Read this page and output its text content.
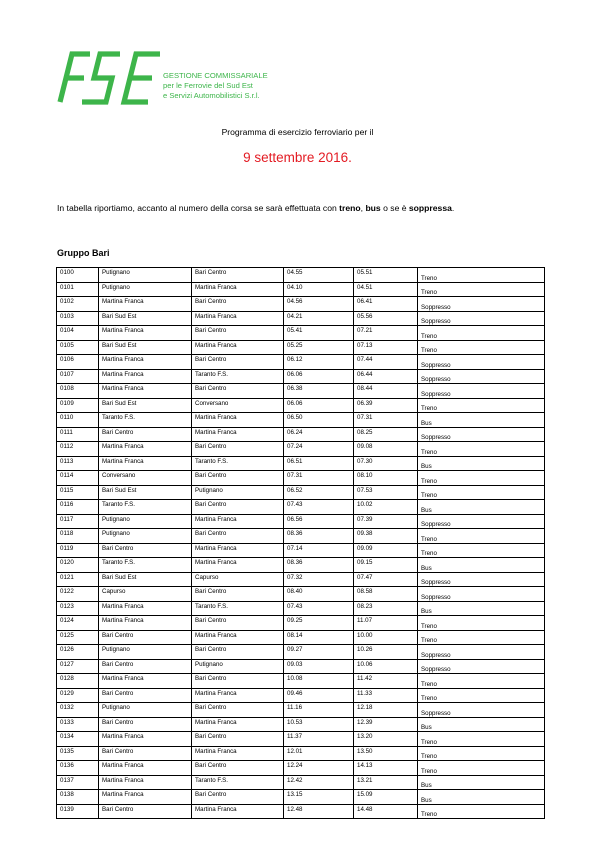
GESTIONE COMMISSARIALE
per le Ferrovie del Sud Est
e Servizi Automobilistici S.r.l.
Programma di esercizio ferroviario per il
9 settembre 2016.
In tabella riportiamo, accanto al numero della corsa se sarà effettuata con treno, bus o se è soppressa.
Gruppo Bari
0100	Putignano	Bari Centro	04.55	05.51	Treno
0101	Putignano	Martina Franca	04.10	04.51	Treno
0102	Martina Franca	Bari Centro	04.56	06.41	Soppresso
0103	Bari Sud Est	Martina Franca	04.21	05.56	Soppresso
0104	Martina Franca	Bari Centro	05.41	07.21	Treno
0105	Bari Sud Est	Martina Franca	05.25	07.13	Treno
0106	Martina Franca	Bari Centro	06.12	07.44	Soppresso
0107	Martina Franca	Taranto F.S.	06.06	06.44	Soppresso
0108	Martina Franca	Bari Centro	06.38	08.44	Soppresso
0109	Bari Sud Est	Conversano	06.06	06.39	Treno
0110	Taranto F.S.	Martina Franca	06.50	07.31	Bus
0111	Bari Centro	Martina Franca	06.24	08.25	Soppresso
0112	Martina Franca	Bari Centro	07.24	09.08	Treno
0113	Martina Franca	Taranto F.S.	06.51	07.30	Bus
0114	Conversano	Bari Centro	07.31	08.10	Treno
0115	Bari Sud Est	Putignano	06.52	07.53	Treno
0116	Taranto F.S.	Bari Centro	07.43	10.02	Bus
0117	Putignano	Martina Franca	06.56	07.39	Soppresso
0118	Putignano	Bari Centro	08.36	09.38	Treno
0119	Bari Centro	Martina Franca	07.14	09.09	Treno
0120	Taranto F.S.	Martina Franca	08.36	09.15	Bus
0121	Bari Sud Est	Capurso	07.32	07.47	Soppresso
0122	Capurso	Bari Centro	08.40	08.58	Soppresso
0123	Martina Franca	Taranto F.S.	07.43	08.23	Bus
0124	Martina Franca	Bari Centro	09.25	11.07	Treno
0125	Bari Centro	Martina Franca	08.14	10.00	Treno
0126	Putignano	Bari Centro	09.27	10.26	Soppresso
0127	Bari Centro	Putignano	09.03	10.06	Soppresso
0128	Martina Franca	Bari Centro	10.08	11.42	Treno
0129	Bari Centro	Martina Franca	09.46	11.33	Treno
0132	Putignano	Bari Centro	11.16	12.18	Soppresso
0133	Bari Centro	Martina Franca	10.53	12.39	Bus
0134	Martina Franca	Bari Centro	11.37	13.20	Treno
0135	Bari Centro	Martina Franca	12.01	13.50	Treno
0136	Martina Franca	Bari Centro	12.24	14.13	Treno
0137	Martina Franca	Taranto F.S.	12.42	13.21	Bus
0138	Martina Franca	Bari Centro	13.15	15.09	Bus
0139	Bari Centro	Martina Franca	12.48	14.48	Treno
